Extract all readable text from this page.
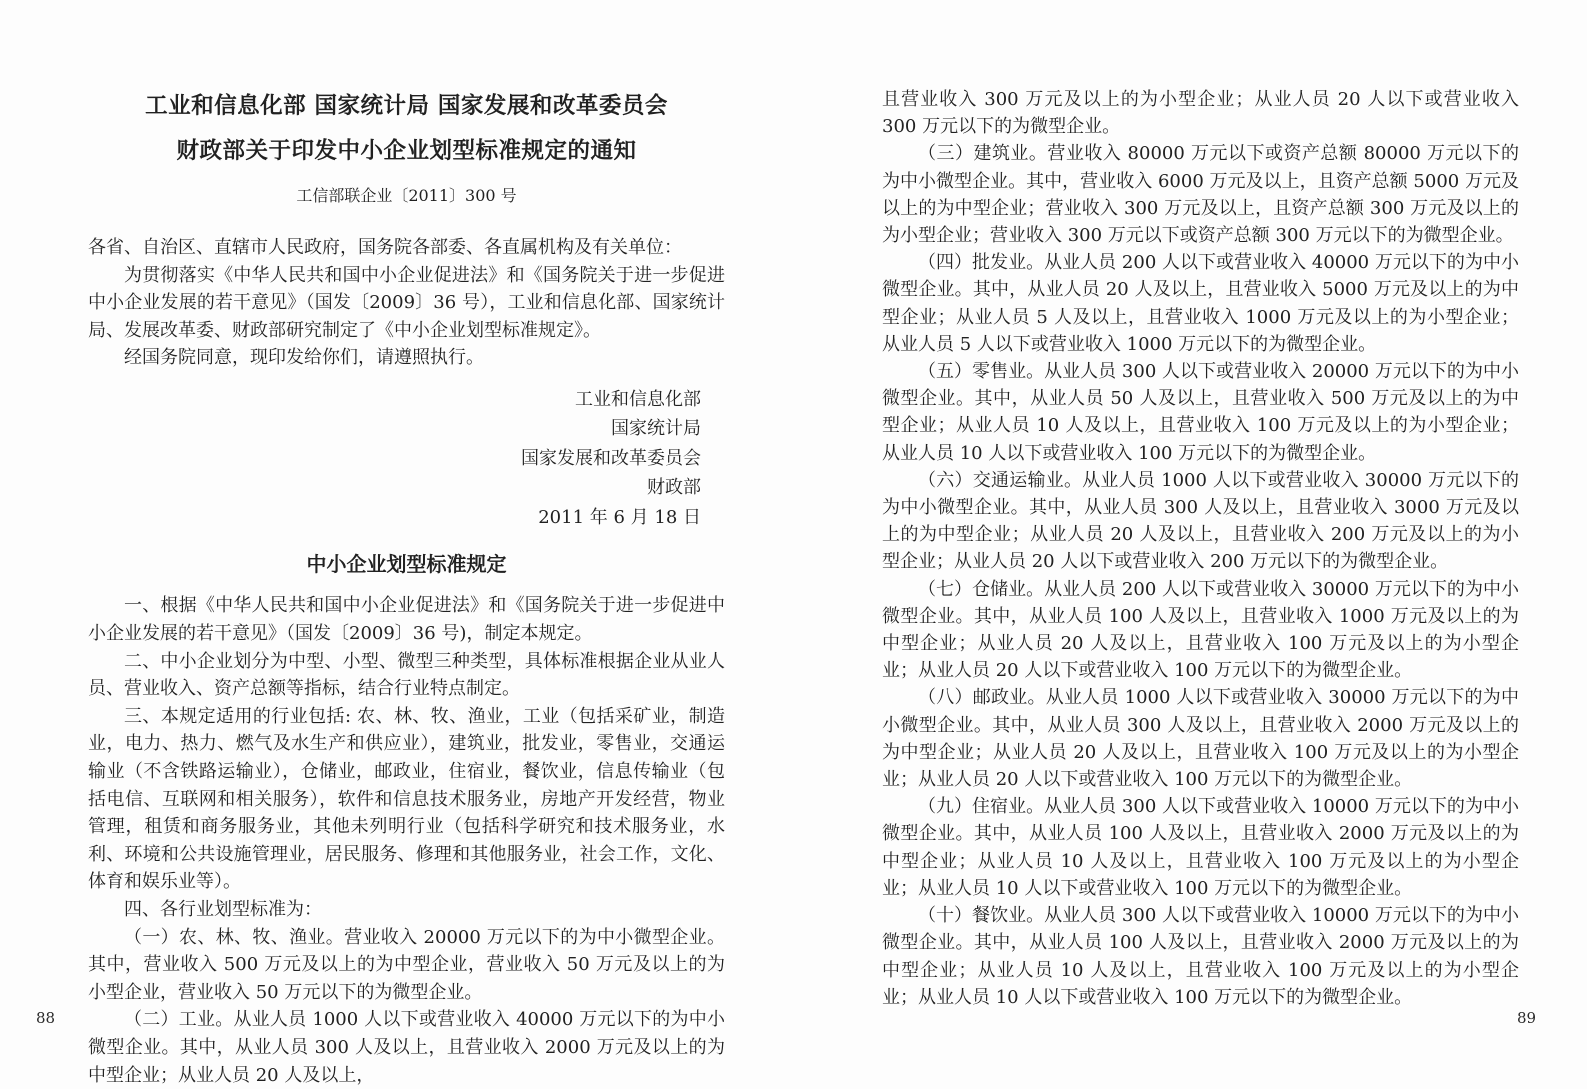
工业和信息化部 国家统计局 国家发展和改革委员会
财政部关于印发中小企业划型标准规定的通知
工信部联企业〔2011〕300 号

各省、自治区、直辖市人民政府，国务院各部委、各直属机构及有关单位：

为贯彻落实《中华人民共和国中小企业促进法》和《国务院关于进一步促进中小企业发展的若干意见》（国发〔2009〕36 号），工业和信息化部、国家统计局、发展改革委、财政部研究制定了《中小企业划型标准规定》。

经国务院同意，现印发给你们，请遵照执行。

工业和信息化部
国家统计局
国家发展和改革委员会
财政部
2011 年 6 月 18 日
中小企业划型标准规定

一、根据《中华人民共和国中小企业促进法》和《国务院关于进一步促进中小企业发展的若干意见》（国发〔2009〕36 号)，制定本规定。

二、中小企业划分为中型、小型、微型三种类型，具体标准根据企业从业人员、营业收入、资产总额等指标，结合行业特点制定。

三、本规定适用的行业包括: 农、林、牧、渔业，工业（包括采矿业，制造业，电力、热力、燃气及水生产和供应业），建筑业，批发业，零售业，交通运输业（不含铁路运输业），仓储业，邮政业，住宿业，餐饮业，信息传输业（包括电信、互联网和相关服务），软件和信息技术服务业，房地产开发经营，物业管理，租赁和商务服务业，其他未列明行业（包括科学研究和技术服务业，水利、环境和公共设施管理业，居民服务、修理和其他服务业，社会工作，文化、体育和娱乐业等）。

四、各行业划型标准为：

（一）农、林、牧、渔业。营业收入 20000 万元以下的为中小微型企业。其中，营业收入 500 万元及以上的为中型企业，营业收入 50 万元及以上的为小型企业，营业收入 50 万元以下的为微型企业。

（二）工业。从业人员 1000 人以下或营业收入 40000 万元以下的为中小微型企业。其中，从业人员 300 人及以上，且营业收入 2000 万元及以上的为中型企业；从业人员 20 人及以上，

且营业收入 300 万元及以上的为小型企业；从业人员 20 人以下或营业收入 300 万元以下的为微型企业。

（三）建筑业。营业收入 80000 万元以下或资产总额 80000 万元以下的为中小微型企业。其中，营业收入 6000 万元及以上，且资产总额 5000 万元及以上的为中型企业；营业收入 300 万元及以上，且资产总额 300 万元及以上的为小型企业；营业收入 300 万元以下或资产总额 300 万元以下的为微型企业。

（四）批发业。从业人员 200 人以下或营业收入 40000 万元以下的为中小微型企业。其中，从业人员 20 人及以上，且营业收入 5000 万元及以上的为中型企业；从业人员 5 人及以上，且营业收入 1000 万元及以上的为小型企业；从业人员 5 人以下或营业收入 1000 万元以下的为微型企业。

（五）零售业。从业人员 300 人以下或营业收入 20000 万元以下的为中小微型企业。其中，从业人员 50 人及以上，且营业收入 500 万元及以上的为中型企业；从业人员 10 人及以上，且营业收入 100 万元及以上的为小型企业；从业人员 10 人以下或营业收入 100 万元以下的为微型企业。

（六）交通运输业。从业人员 1000 人以下或营业收入 30000 万元以下的为中小微型企业。其中，从业人员 300 人及以上，且营业收入 3000 万元及以上的为中型企业；从业人员 20 人及以上，且营业收入 200 万元及以上的为小型企业；从业人员 20 人以下或营业收入 200 万元以下的为微型企业。

（七）仓储业。从业人员 200 人以下或营业收入 30000 万元以下的为中小微型企业。其中，从业人员 100 人及以上，且营业收入 1000 万元及以上的为中型企业；从业人员 20 人及以上，且营业收入 100 万元及以上的为小型企业；从业人员 20 人以下或营业收入 100 万元以下的为微型企业。

（八）邮政业。从业人员 1000 人以下或营业收入 30000 万元以下的为中小微型企业。其中，从业人员 300 人及以上，且营业收入 2000 万元及以上的为中型企业；从业人员 20 人及以上，且营业收入 100 万元及以上的为小型企业；从业人员 20 人以下或营业收入 100 万元以下的为微型企业。

（九）住宿业。从业人员 300 人以下或营业收入 10000 万元以下的为中小微型企业。其中，从业人员 100 人及以上，且营业收入 2000 万元及以上的为中型企业；从业人员 10 人及以上，且营业收入 100 万元及以上的为小型企业；从业人员 10 人以下或营业收入 100 万元以下的为微型企业。

（十）餐饮业。从业人员 300 人以下或营业收入 10000 万元以下的为中小微型企业。其中，从业人员 100 人及以上，且营业收入 2000 万元及以上的为中型企业；从业人员 10 人及以上，且营业收入 100 万元及以上的为小型企业；从业人员 10 人以下或营业收入 100 万元以下的为微型企业。

88	89
